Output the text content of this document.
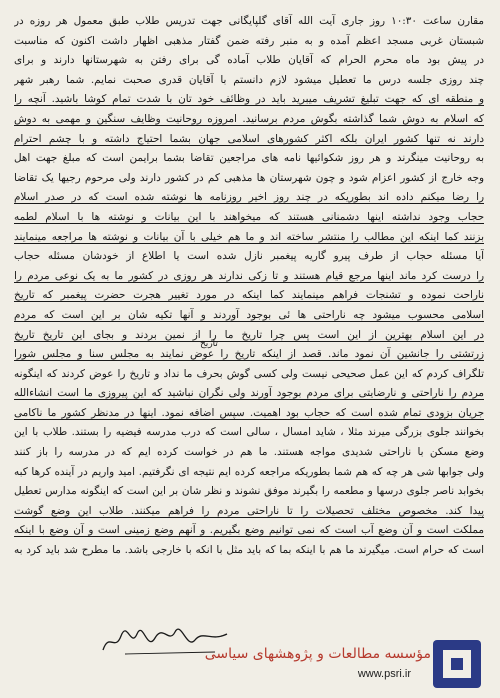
مقارن ساعت ۱۰:۳۰ روز جاری آیت الله آقای گلپایگانی جهت تدریس طلاب طبق معمول هر روزه در
شبستان غربی مسجد اعظم آمده و به منبر رفته ضمن گفتار مذهبی اظهار داشت اکنون که مناسبت
در پیش بود ماه محرم الحرام که آقایان طلاب آماده گی برای رفتن به شهرستانها دارند و برای
چند روزی جلسه درس ما تعطیل میشود لازم دانستم با آقایان قدری صحبت نمایم. شما رهبر شهر
و منطقه ای که جهت تبلیغ تشریف میبرید باید در وظائف خود تان با شدت تمام کوشا باشید. آنچه را
که اسلام به دوش شما گذاشته بگوش مردم برسانید. امروزه روحانیت وظایف سنگین و مهمی به دوش
دارند نه تنها کشور ایران بلکه اکثر کشورهای اسلامی جهان بشما احتیاج داشته و با چشم احترام
به روحانیت مینگرند و هر روز شکوائیها نامه های مراجعین تقاضا بشما برایمن است که مبلغ جهت اهل
وجه خارج از کشور اعزام شود و چون شهرستان ها مذهبی کم در کشور دارند ولی مرحوم رجیها یک تقاضا
را رضا میکنم داده اند بطوریکه در چند روز اخیر روزنامه ها نوشته شده است که در صدر اسلام
حجاب وجود نداشته اینها دشمنانی هستند که میخواهند با این بیانات و نوشته ها با اسلام لطمه
بزنند کما اینکه این مطالب را منتشر ساخته اند و ما هم خیلی با آن بیانات و نوشته ها مراجعه مینمایند
آیا مسئله حجاب از طرف پیرو گاریه پیغمبر نازل شده است یا اطلاع از خودشان مسئله حجاب
را درست کرد ماند اینها مرجع قیام هستند و تا زکی ندارند هر روزی در کشور ما به یک نوعی مردم را
ناراحت نموده و تشنجات فراهم مینمایند کما اینکه در مورد تغییر هجرت حضرت پیغمبر که تاریخ
اسلامی محسوب میشود چه ناراحتی ها ئی بوجود آوردند و آنها تکیه شان بر این است که مردم
در این اسلام بهترین از این است پس چرا تاریخ ما را از نمین بردند و بجای این تاریخ تاریخ
زرتشتی را جانشین آن نمود ماند. قصد از اینکه تاریخ را عوض نمایند به مجلس سنا و مجلس شورا
تلگراف کردم که این عمل صحیحی نیست ولی کسی گوش بحرف ما نداد و تاریخ را عوض کردند که اینگونه
مردم را ناراحتی و نارضایتی برای مردم بوجود آورند ولی نگران نباشید که این پیروزی ما است انشاءالله
جریان بزودی تمام شده است که حجاب بود اهمیت. سپس اضافه نمود. اینها در مدنظر کشور ما ناکامی
بخوانند جلوی بزرگی میرند مثلا ، شاید امسال ، سالی است که درب مدرسه فیضیه را بستند. طلاب با این
وضع مسکن با ناراحتی شدیدی مواجه هستند. ما هم در خواست کرده ایم که در مدرسه را باز کنند
ولی جوابها شی هر چه که هم شما بطوریکه مراجعه کرده ایم نتیجه ای نگرفتیم. امید واریم در آینده کرها کبه
بخوابد ناصر جلوی درسها و مطعمه را بگیرند موفق نشوند و نظر شان بر این است که اینگونه مدارس تعطیل
پیدا کند. مخصوص مختلف تحصیلات را تا ناراحتی مردم را فراهم میکنند. طلاب این وضع گوشت
مملکت است و آن وضع آب است که نمی توانیم وضع بگیریم. و آنهم وضع زمینی است و آن وضع با اینکه
است که حرام است. میگیرند ما هم با اینکه بما که باید مثل با انکه با خارجی باشد. ما مطرح شد باید کرد به
تاریخ
مؤسسه مطالعات و پژوهشهای سیاسی
www.psri.ir
